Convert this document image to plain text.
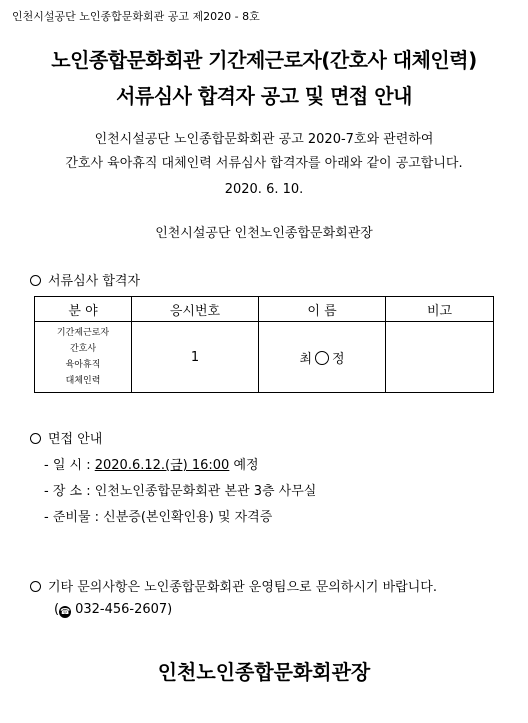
인천시설공단 노인종합문화회관 공고 제2020 - 8호
노인종합문화회관 기간제근로자(간호사 대체인력)
서류심사 합격자 공고 및 면접 안내
인천시설공단 노인종합문화회관 공고 2020-7호와 관련하여
간호사 육아휴직 대체인력 서류심사 합격자를 아래와 같이 공고합니다.
2020. 6. 10.
인천시설공단 인천노인종합문화회관장
서류심사 합격자
분 야	응시번호	이 름	비고

기간제근로자
간호사
육아휴직
대체인력	1	최 정	
면접 안내
- 일 시 : 2020.6.12.(금) 16:00 예정
- 장 소 : 인천노인종합문화회관 본관 3층 사무실
- 준비물 : 신분증(본인확인용) 및 자격증
기타 문의사항은 노인종합문화회관 운영팀으로 문의하시기 바랍니다.
(☎ 032-456-2607)
인천노인종합문화회관장
